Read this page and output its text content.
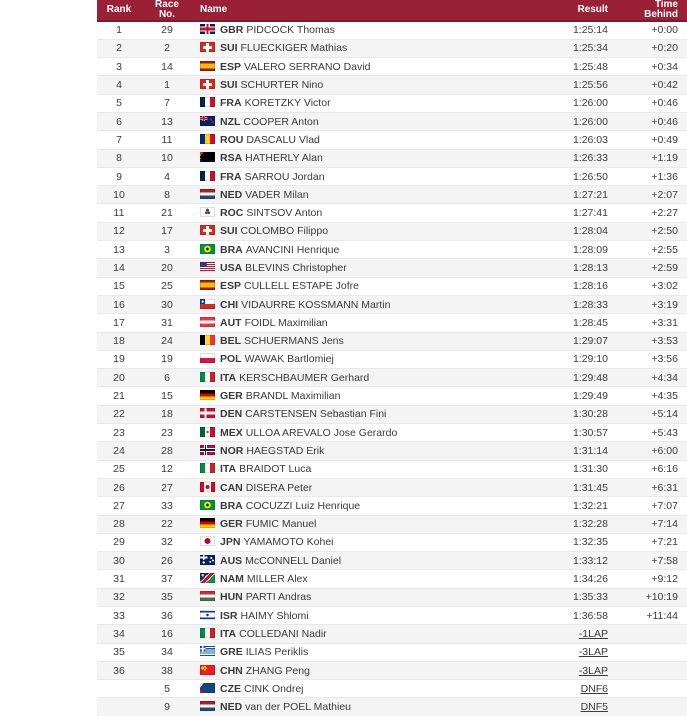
Rank	Race No.	Name	Result	Time Behind
1	29	GBR PIDCOCK Thomas	1:25:14	+0:00
2	2	SUI FLUECKIGER Mathias	1:25:34	+0:20
3	14	ESP VALERO SERRANO David	1:25:48	+0:34
4	1	SUI SCHURTER Nino	1:25:56	+0:42
5	7	FRA KORETZKY Victor	1:26:00	+0:46
6	13	NZL COOPER Anton	1:26:00	+0:46
7	11	ROU DASCALU Vlad	1:26:03	+0:49
8	10	RSA HATHERLY Alan	1:26:33	+1:19
9	4	FRA SARROU Jordan	1:26:50	+1:36
10	8	NED VADER Milan	1:27:21	+2:07
11	21	ROC SINTSOV Anton	1:27:41	+2:27
12	17	SUI COLOMBO Filippo	1:28:04	+2:50
13	3	BRA AVANCINI Henrique	1:28:09	+2:55
14	20	USA BLEVINS Christopher	1:28:13	+2:59
15	25	ESP CULLELL ESTAPE Jofre	1:28:16	+3:02
16	30	CHI VIDAURRE KOSSMANN Martin	1:28:33	+3:19
17	31	AUT FOIDL Maximilian	1:28:45	+3:31
18	24	BEL SCHUERMANS Jens	1:29:07	+3:53
19	19	POL WAWAK Bartlomiej	1:29:10	+3:56
20	6	ITA KERSCHBAUMER Gerhard	1:29:48	+4:34
21	15	GER BRANDL Maximilian	1:29:49	+4:35
22	18	DEN CARSTENSEN Sebastian Fini	1:30:28	+5:14
23	23	MEX ULLOA AREVALO Jose Gerardo	1:30:57	+5:43
24	28	NOR HAEGSTAD Erik	1:31:14	+6:00
25	12	ITA BRAIDOT Luca	1:31:30	+6:16
26	27	CAN DISERA Peter	1:31:45	+6:31
27	33	BRA COCUZZI Luiz Henrique	1:32:21	+7:07
28	22	GER FUMIC Manuel	1:32:28	+7:14
29	32	JPN YAMAMOTO Kohei	1:32:35	+7:21
30	26	AUS McCONNELL Daniel	1:33:12	+7:58
31	37	NAM MILLER Alex	1:34:26	+9:12
32	35	HUN PARTI Andras	1:35:33	+10:19
33	36	ISR HAIMY Shlomi	1:36:58	+11:44
34	16	ITA COLLEDANI Nadir	-1LAP	
35	34	GRE ILIAS Periklis	-3LAP	
36	38	CHN ZHANG Peng	-3LAP	
	5	CZE CINK Ondrej	DNF6	
	9	NED van der POEL Mathieu	DNF5	
